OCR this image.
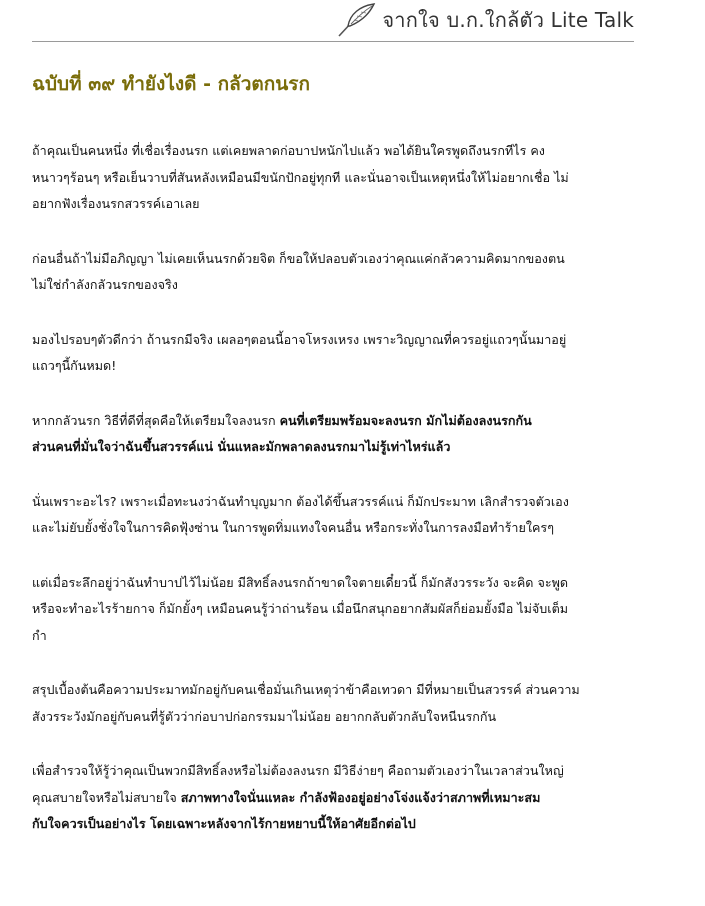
จากใจ บ.ก.ใกล้ตัว Lite Talk
ฉบับที่ ๓๙ ทำยังไงดี - กลัวตกนรก

ถ้าคุณเป็นคนหนึ่ง ที่เชื่อเรื่องนรก แต่เคยพลาดก่อบาปหนักไปแล้ว พอได้ยินใครพูดถึงนรกทีไร คง
หนาวๆร้อนๆ หรือเย็นวาบที่สันหลังเหมือนมีขนักปักอยู่ทุกที และนั่นอาจเป็นเหตุหนึ่งให้ไม่อยากเชื่อ ไม่
อยากฟังเรื่องนรกสวรรค์เอาเลย

ก่อนอื่นถ้าไม่มีอภิญญา ไม่เคยเห็นนรกด้วยจิต ก็ขอให้ปลอบตัวเองว่าคุณแค่กลัวความคิดมากของตน
ไม่ใช่กำลังกลัวนรกของจริง

มองไปรอบๆตัวดีกว่า ถ้านรกมีจริง เผลอๆตอนนี้อาจโหรงเหรง เพราะวิญญาณที่ควรอยู่แถวๆนั้นมาอยู่
แถวๆนี้กันหมด!

หากกลัวนรก วิธีที่ดีที่สุดคือให้เตรียมใจลงนรก คนที่เตรียมพร้อมจะลงนรก มักไม่ต้องลงนรกกัน
ส่วนคนที่มั่นใจว่าฉันขึ้นสวรรค์แน่ นั่นแหละมักพลาดลงนรกมาไม่รู้เท่าไหร่แล้ว

นั่นเพราะอะไร? เพราะเมื่อทะนงว่าฉันทำบุญมาก ต้องได้ขึ้นสวรรค์แน่ ก็มักประมาท เลิกสำรวจตัวเอง
และไม่ยับยั้งชั่งใจในการคิดฟุ้งซ่าน ในการพูดทิ่มแทงใจคนอื่น หรือกระทั่งในการลงมือทำร้ายใครๆ

แต่เมื่อระลึกอยู่ว่าฉันทำบาปไว้ไม่น้อย มีสิทธิ์ลงนรกถ้าขาดใจตายเดี๋ยวนี้ ก็มักสังวรระวัง จะคิด จะพูด
หรือจะทำอะไรร้ายกาจ ก็มักยั้งๆ เหมือนคนรู้ว่าถ่านร้อน เมื่อนึกสนุกอยากสัมผัสก็ย่อมยั้งมือ ไม่จับเต็ม
กำ

สรุปเบื้องต้นคือความประมาทมักอยู่กับคนเชื่อมั่นเกินเหตุว่าข้าคือเทวดา มีที่หมายเป็นสวรรค์ ส่วนความ
สังวรระวังมักอยู่กับคนที่รู้ตัวว่าก่อบาปก่อกรรมมาไม่น้อย อยากกลับตัวกลับใจหนีนรกกัน

เพื่อสำรวจให้รู้ว่าคุณเป็นพวกมีสิทธิ์ลงหรือไม่ต้องลงนรก มีวิธีง่ายๆ คือถามตัวเองว่าในเวลาส่วนใหญ่
คุณสบายใจหรือไม่สบายใจ สภาพทางใจนั่นแหละ กำลังฟ้องอยู่อย่างโจ่งแจ้งว่าสภาพที่เหมาะสม
กับใจควรเป็นอย่างไร โดยเฉพาะหลังจากไร้กายหยาบนี้ให้อาศัยอีกต่อไป
